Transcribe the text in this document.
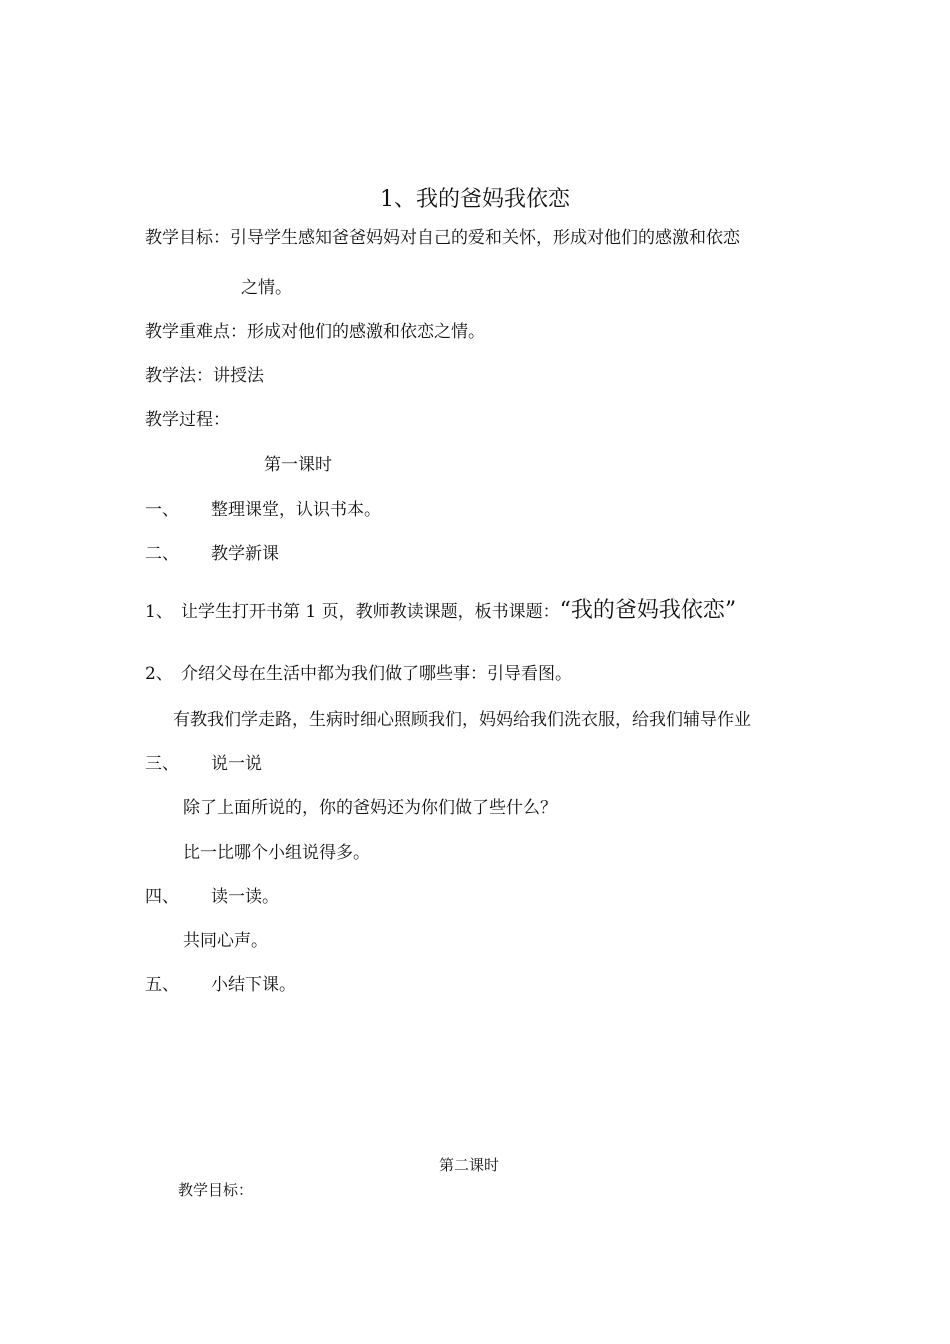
1、我的爸妈我依恋
教学目标：引导学生感知爸爸妈妈对自己的爱和关怀，形成对他们的感激和依恋
之情。
教学重难点：形成对他们的感激和依恋之情。
教学法：讲授法
教学过程：
第一课时
一、 整理课堂，认识书本。
二、 教学新课
1、 让学生打开书第 1 页，教师教读课题，板书课题：“我的爸妈我依恋”
2、 介绍父母在生活中都为我们做了哪些事：引导看图。
有教我们学走路，生病时细心照顾我们，妈妈给我们洗衣服，给我们辅导作业
三、 说一说
除了上面所说的，你的爸妈还为你们做了些什么？
比一比哪个小组说得多。
四、 读一读。
共同心声。
五、 小结下课。
第二课时
教学目标：
